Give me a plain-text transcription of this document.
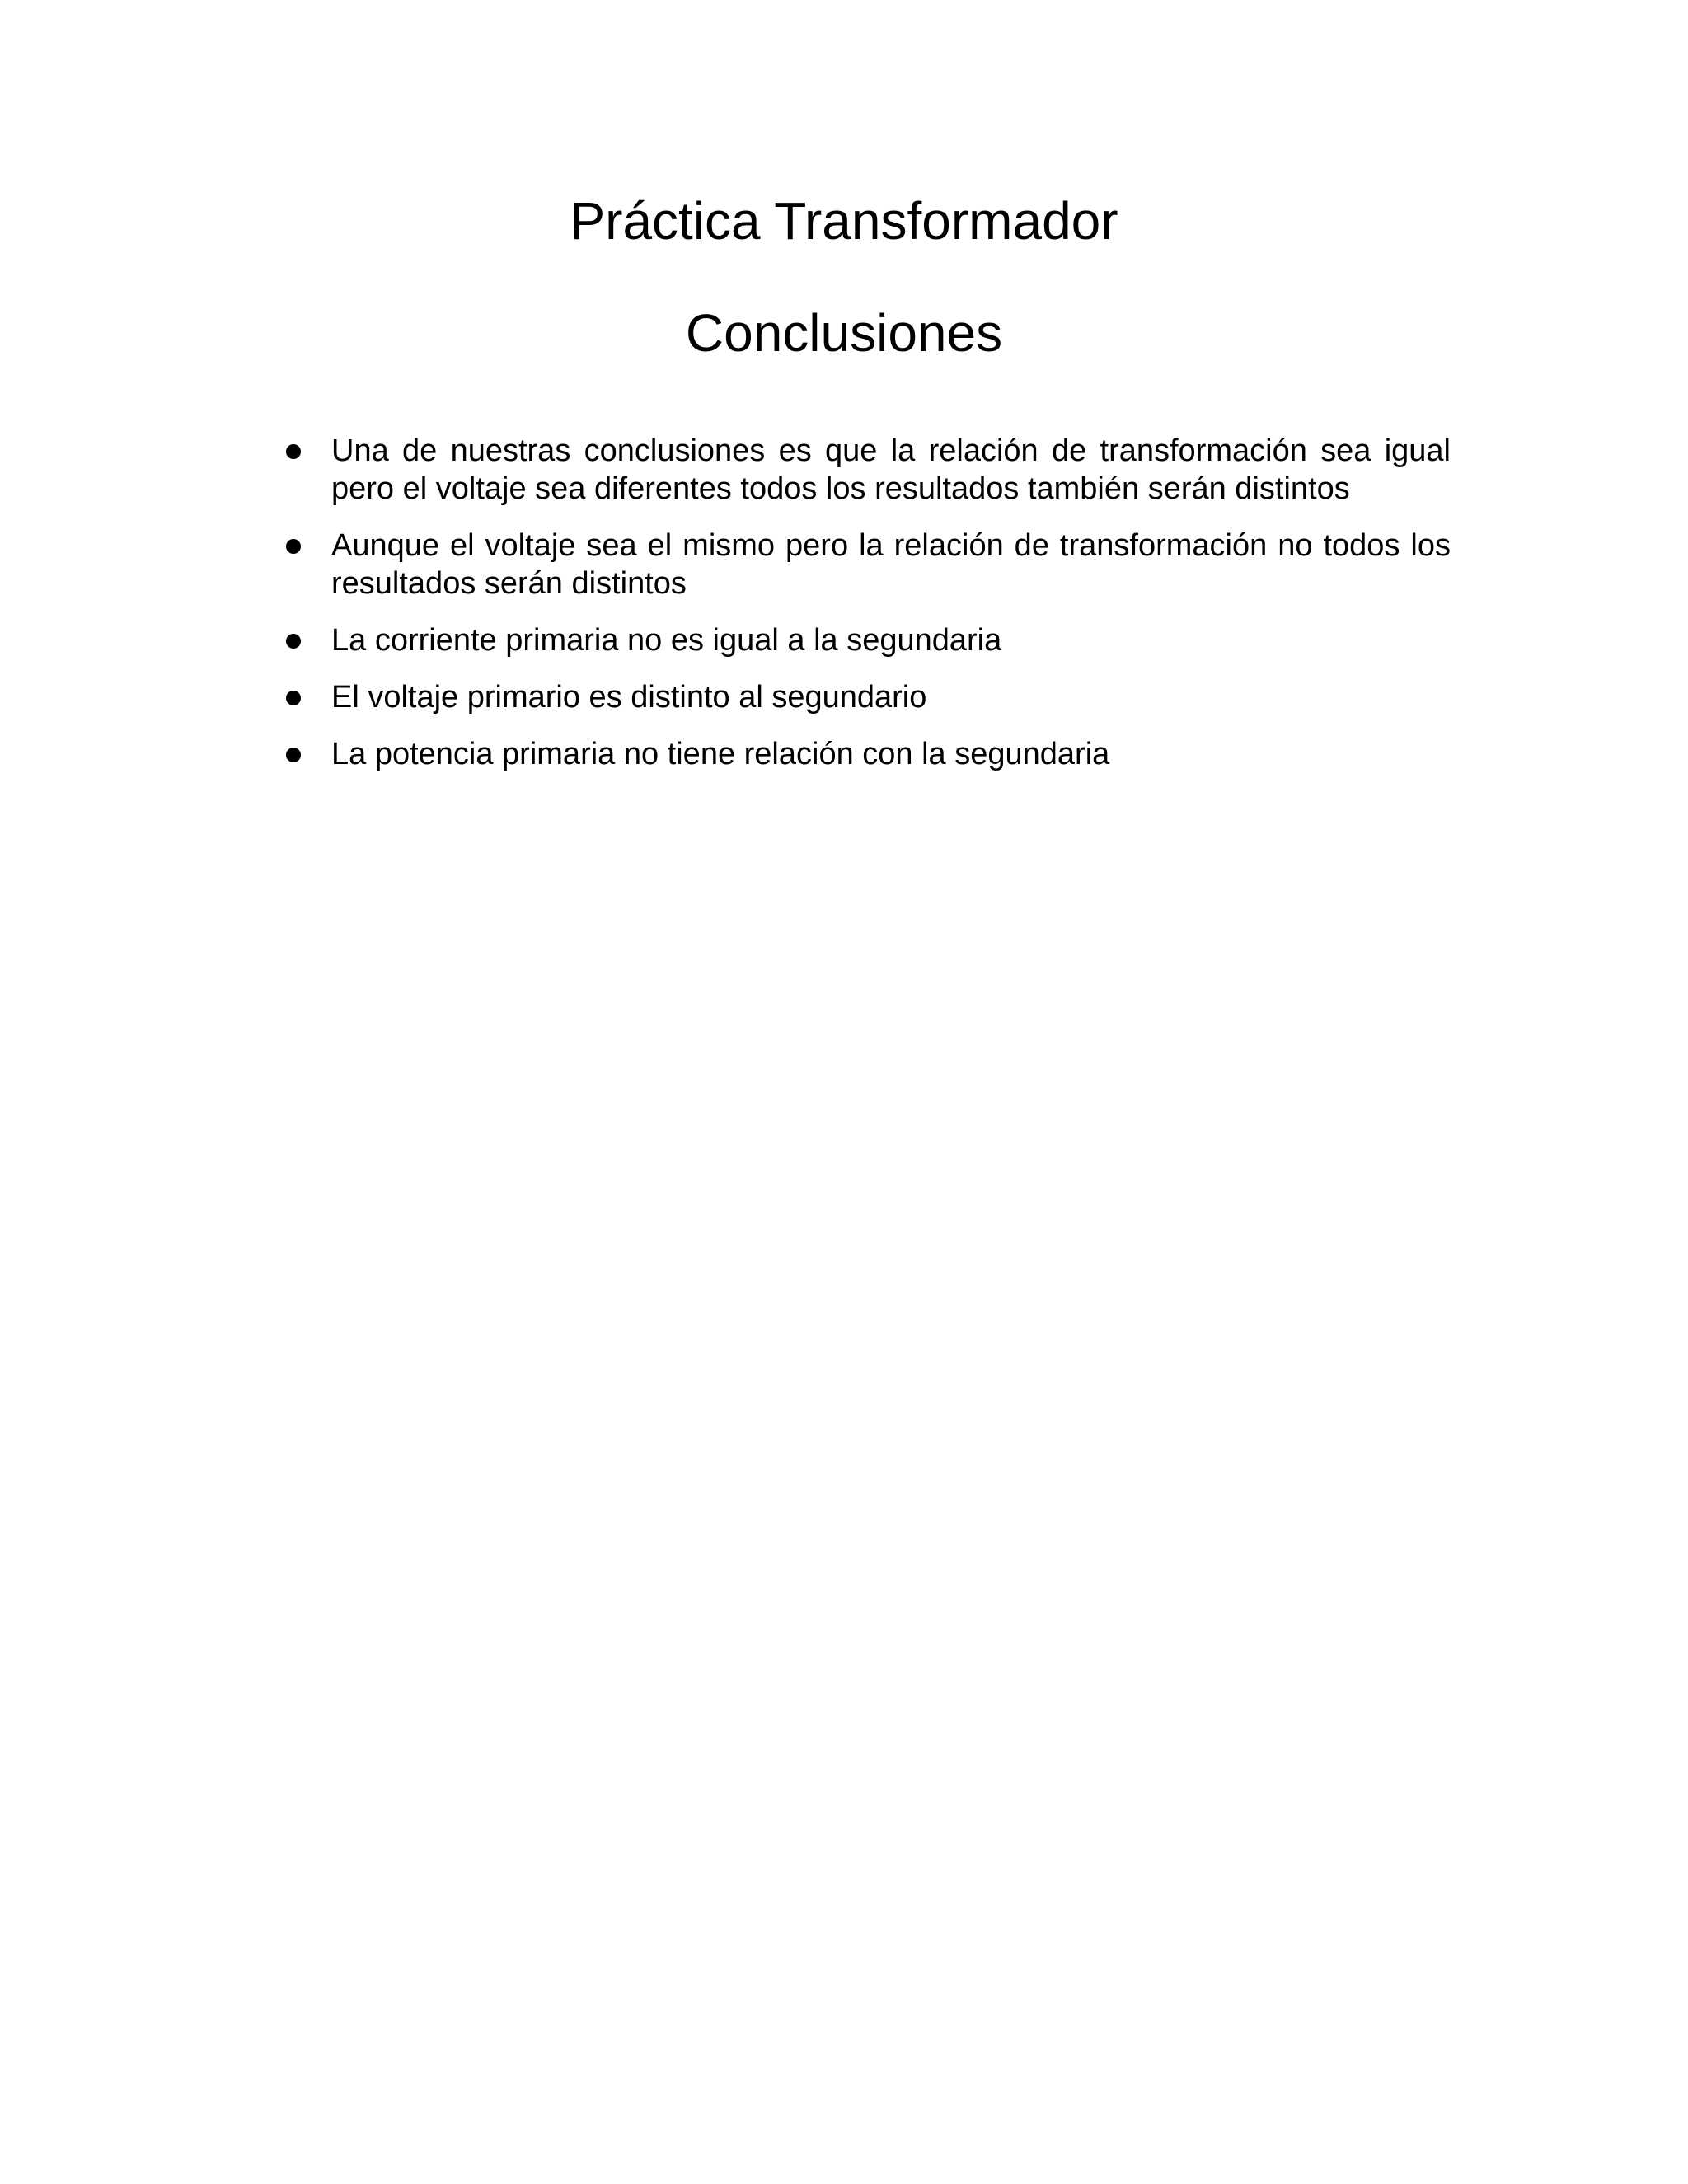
Práctica Transformador
Conclusiones
Una de nuestras conclusiones es que la relación de transformación sea igual pero el voltaje sea diferentes todos los resultados también serán distintos
Aunque el voltaje sea el mismo pero la relación de transformación no todos los resultados serán distintos
La corriente primaria no es igual a la segundaria
El voltaje primario es distinto al segundario
La potencia primaria no tiene relación con la segundaria
